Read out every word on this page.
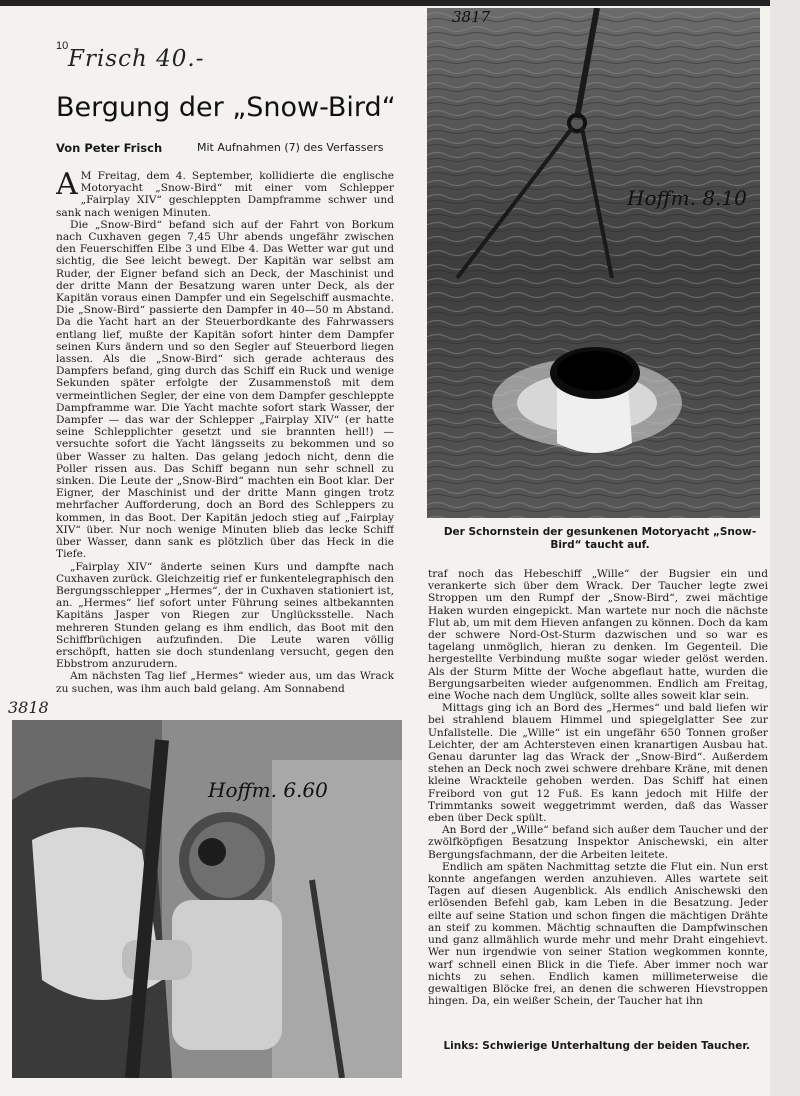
10 Frisch 40.-
Bergung der „Snow-Bird“
Von Peter Frisch	Mit Aufnahmen (7) des Verfassers

A M Freitag, dem 4. September, kollidierte die englische Motoryacht „Snow-Bird“ mit einer vom Schlepper „Fairplay XIV“ geschleppten Dampframme schwer und sank nach wenigen Minuten.

Die „Snow-Bird“ befand sich auf der Fahrt von Borkum nach Cuxhaven gegen 7,45 Uhr abends ungefähr zwischen den Feuerschiffen Elbe 3 und Elbe 4. Das Wetter war gut und sichtig, die See leicht bewegt. Der Kapitän war selbst am Ruder, der Eigner befand sich an Deck, der Maschinist und der dritte Mann der Besatzung waren unter Deck, als der Kapitän voraus einen Dampfer und ein Segelschiff ausmachte. Die „Snow-Bird“ passierte den Dampfer in 40—50 m Abstand. Da die Yacht hart an der Steuerbordkante des Fahrwassers entlang lief, mußte der Kapitän sofort hinter dem Dampfer seinen Kurs ändern und so den Segler auf Steuerbord liegen lassen. Als die „Snow-Bird“ sich gerade achteraus des Dampfers befand, ging durch das Schiff ein Ruck und wenige Sekunden später erfolgte der Zusammenstoß mit dem vermeintlichen Segler, der eine von dem Dampfer geschleppte Dampframme war. Die Yacht machte sofort stark Wasser, der Dampfer — das war der Schlepper „Fairplay XIV“ (er hatte seine Schlepplichter gesetzt und sie brannten hell!) — versuchte sofort die Yacht längsseits zu bekommen und so über Wasser zu halten. Das gelang jedoch nicht, denn die Poller rissen aus. Das Schiff begann nun sehr schnell zu sinken. Die Leute der „Snow-Bird“ machten ein Boot klar. Der Eigner, der Maschinist und der dritte Mann gingen trotz mehrfacher Aufforderung, doch an Bord des Schleppers zu kommen, in das Boot. Der Kapitän jedoch stieg auf „Fairplay XIV“ über. Nur noch wenige Minuten blieb das lecke Schiff über Wasser, dann sank es plötzlich über das Heck in die Tiefe.

„Fairplay XIV“ änderte seinen Kurs und dampfte nach Cuxhaven zurück. Gleichzeitig rief er funkentelegraphisch den Bergungsschlepper „Hermes“, der in Cuxhaven stationiert ist, an. „Hermes“ lief sofort unter Führung seines altbekannten Kapitäns Jasper von Riegen zur Unglücksstelle. Nach mehreren Stunden gelang es ihm endlich, das Boot mit den Schiffbrüchigen aufzufinden. Die Leute waren völlig erschöpft, hatten sie doch stundenlang versucht, gegen den Ebbstrom anzurudern.

Am nächsten Tag lief „Hermes“ wieder aus, um das Wrack zu suchen, was ihm auch bald gelang. Am Sonnabend

Hoffm. 8.10
3817
Der Schornstein der gesunkenen Motoryacht „Snow-Bird“ taucht auf.

traf noch das Hebeschiff „Wille“ der Bugsier ein und verankerte sich über dem Wrack. Der Taucher legte zwei Stroppen um den Rumpf der „Snow-Bird“, zwei mächtige Haken wurden eingepickt. Man wartete nur noch die nächste Flut ab, um mit dem Hieven anfangen zu können. Doch da kam der schwere Nord-Ost-Sturm dazwischen und so war es tagelang unmöglich, hieran zu denken. Im Gegenteil. Die hergestellte Verbindung mußte sogar wieder gelöst werden. Als der Sturm Mitte der Woche abgeflaut hatte, wurden die Bergungsarbeiten wieder aufgenommen. Endlich am Freitag, eine Woche nach dem Unglück, sollte alles soweit klar sein.

Mittags ging ich an Bord des „Hermes“ und bald liefen wir bei strahlend blauem Himmel und spiegelglatter See zur Unfallstelle. Die „Wille“ ist ein ungefähr 650 Tonnen großer Leichter, der am Achtersteven einen kranartigen Ausbau hat. Genau darunter lag das Wrack der „Snow-Bird“. Außerdem stehen an Deck noch zwei schwere drehbare Kräne, mit denen kleine Wrackteile gehoben werden. Das Schiff hat einen Freibord von gut 12 Fuß. Es kann jedoch mit Hilfe der Trimmtanks soweit weggetrimmt werden, daß das Wasser eben über Deck spült.

An Bord der „Wille“ befand sich außer dem Taucher und der zwölfköpfigen Besatzung Inspektor Anischewski, ein alter Bergungsfachmann, der die Arbeiten leitete.

Endlich am späten Nachmittag setzte die Flut ein. Nun erst konnte angefangen werden anzuhieven. Alles wartete seit Tagen auf diesen Augenblick. Als endlich Anischewski den erlösenden Befehl gab, kam Leben in die Besatzung. Jeder eilte auf seine Station und schon fingen die mächtigen Drähte an steif zu kommen. Mächtig schnauften die Dampfwinschen und ganz allmählich wurde mehr und mehr Draht eingehievt. Wer nun irgendwie von seiner Station wegkommen konnte, warf schnell einen Blick in die Tiefe. Aber immer noch war nichts zu sehen. Endlich kamen millimeterweise die gewaltigen Blöcke frei, an denen die schweren Hievstroppen hingen. Da, ein weißer Schein, der Taucher hat ihn

Hoffm. 6.60
3818
Links: Schwierige Unterhaltung der beiden Taucher.
